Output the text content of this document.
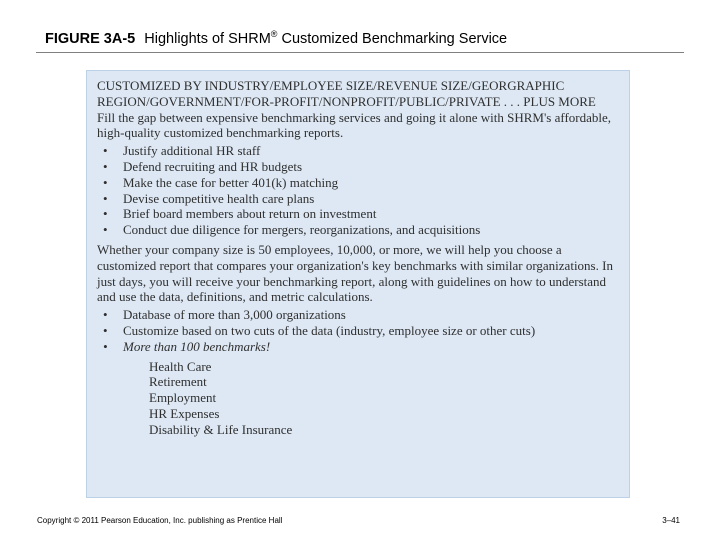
FIGURE 3A-5 Highlights of SHRM® Customized Benchmarking Service

CUSTOMIZED BY INDUSTRY/EMPLOYEE SIZE/REVENUE SIZE/GEORGRAPHIC REGION/GOVERNMENT/FOR-PROFIT/NONPROFIT/PUBLIC/PRIVATE . . . PLUS MORE

Fill the gap between expensive benchmarking services and going it alone with SHRM's affordable, high-quality customized benchmarking reports.

• Justify additional HR staff
• Defend recruiting and HR budgets
• Make the case for better 401(k) matching
• Devise competitive health care plans
• Brief board members about return on investment
• Conduct due diligence for mergers, reorganizations, and acquisitions

Whether your company size is 50 employees, 10,000, or more, we will help you choose a customized report that compares your organization's key benchmarks with similar organizations. In just days, you will receive your benchmarking report, along with guidelines on how to understand and use the data, definitions, and metric calculations.

• Database of more than 3,000 organizations
• Customize based on two cuts of the data (industry, employee size or other cuts)
• More than 100 benchmarks!
Health Care
Retirement
Employment
HR Expenses
Disability & Life Insurance
Copyright © 2011 Pearson Education, Inc. publishing as Prentice Hall	3–41
